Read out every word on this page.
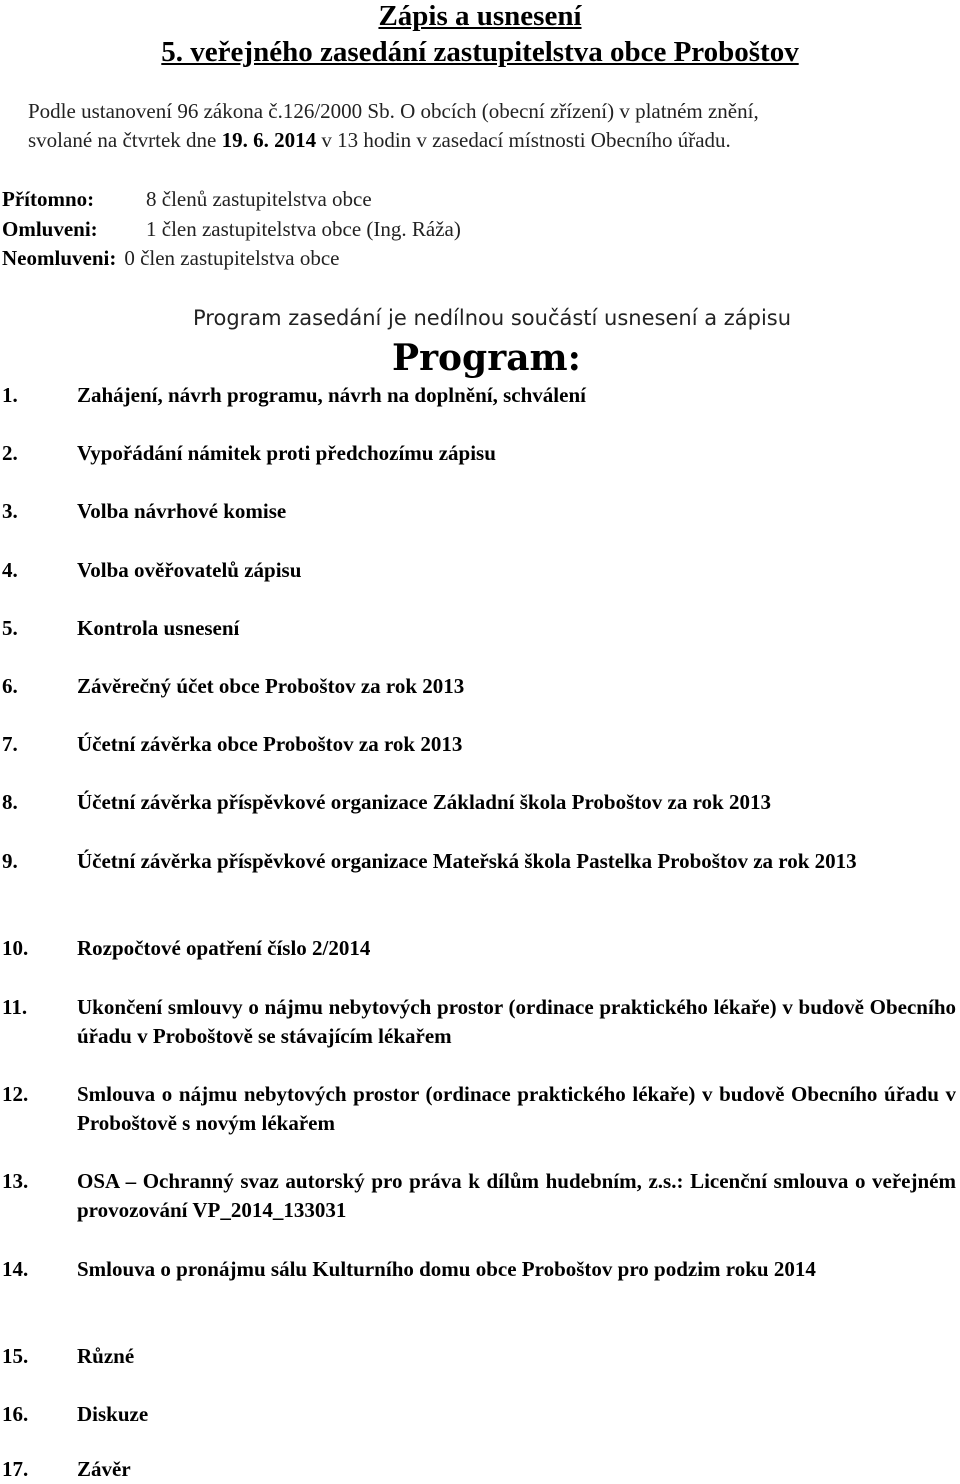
Zápis a usnesení
5. veřejného zasedání zastupitelstva obce Proboštov
Podle ustanovení 96 zákona č.126/2000 Sb. O obcích (obecní zřízení) v platném znění,
svolané na čtvrtek dne 19. 6. 2014 v 13 hodin v zasedací místnosti Obecního úřadu.
Přítomno: 8 členů zastupitelstva obce
Omluveni: 1 člen zastupitelstva obce (Ing. Ráža)
Neomluveni: 0 člen zastupitelstva obce
Program zasedání je nedílnou součástí usnesení a zápisu
Program:
1.	Zahájení, návrh programu, návrh na doplnění, schválení
2.	Vypořádání námitek proti předchozímu zápisu
3.	Volba návrhové komise
4.	Volba ověřovatelů zápisu
5.	Kontrola usnesení
6.	Závěrečný účet obce Proboštov za rok 2013
7.	Účetní závěrka obce Proboštov za rok 2013
8.	Účetní závěrka příspěvkové organizace Základní škola Proboštov za rok 2013
9.	Účetní závěrka příspěvkové organizace Mateřská škola Pastelka Proboštov za rok 2013
10.	Rozpočtové opatření číslo 2/2014
11.	Ukončení smlouvy o nájmu nebytových prostor (ordinace praktického lékaře) v budově Obecního úřadu v Proboštově se stávajícím lékařem
12.	Smlouva o nájmu nebytových prostor (ordinace praktického lékaře) v budově Obecního úřadu v Proboštově s novým lékařem
13.	OSA – Ochranný svaz autorský pro práva k dílům hudebním, z.s.: Licenční smlouva o veřejném provozování VP_2014_133031
14.	Smlouva o pronájmu sálu Kulturního domu obce Proboštov pro podzim roku 2014
15.	Různé
16.	Diskuze
17.	Závěr
